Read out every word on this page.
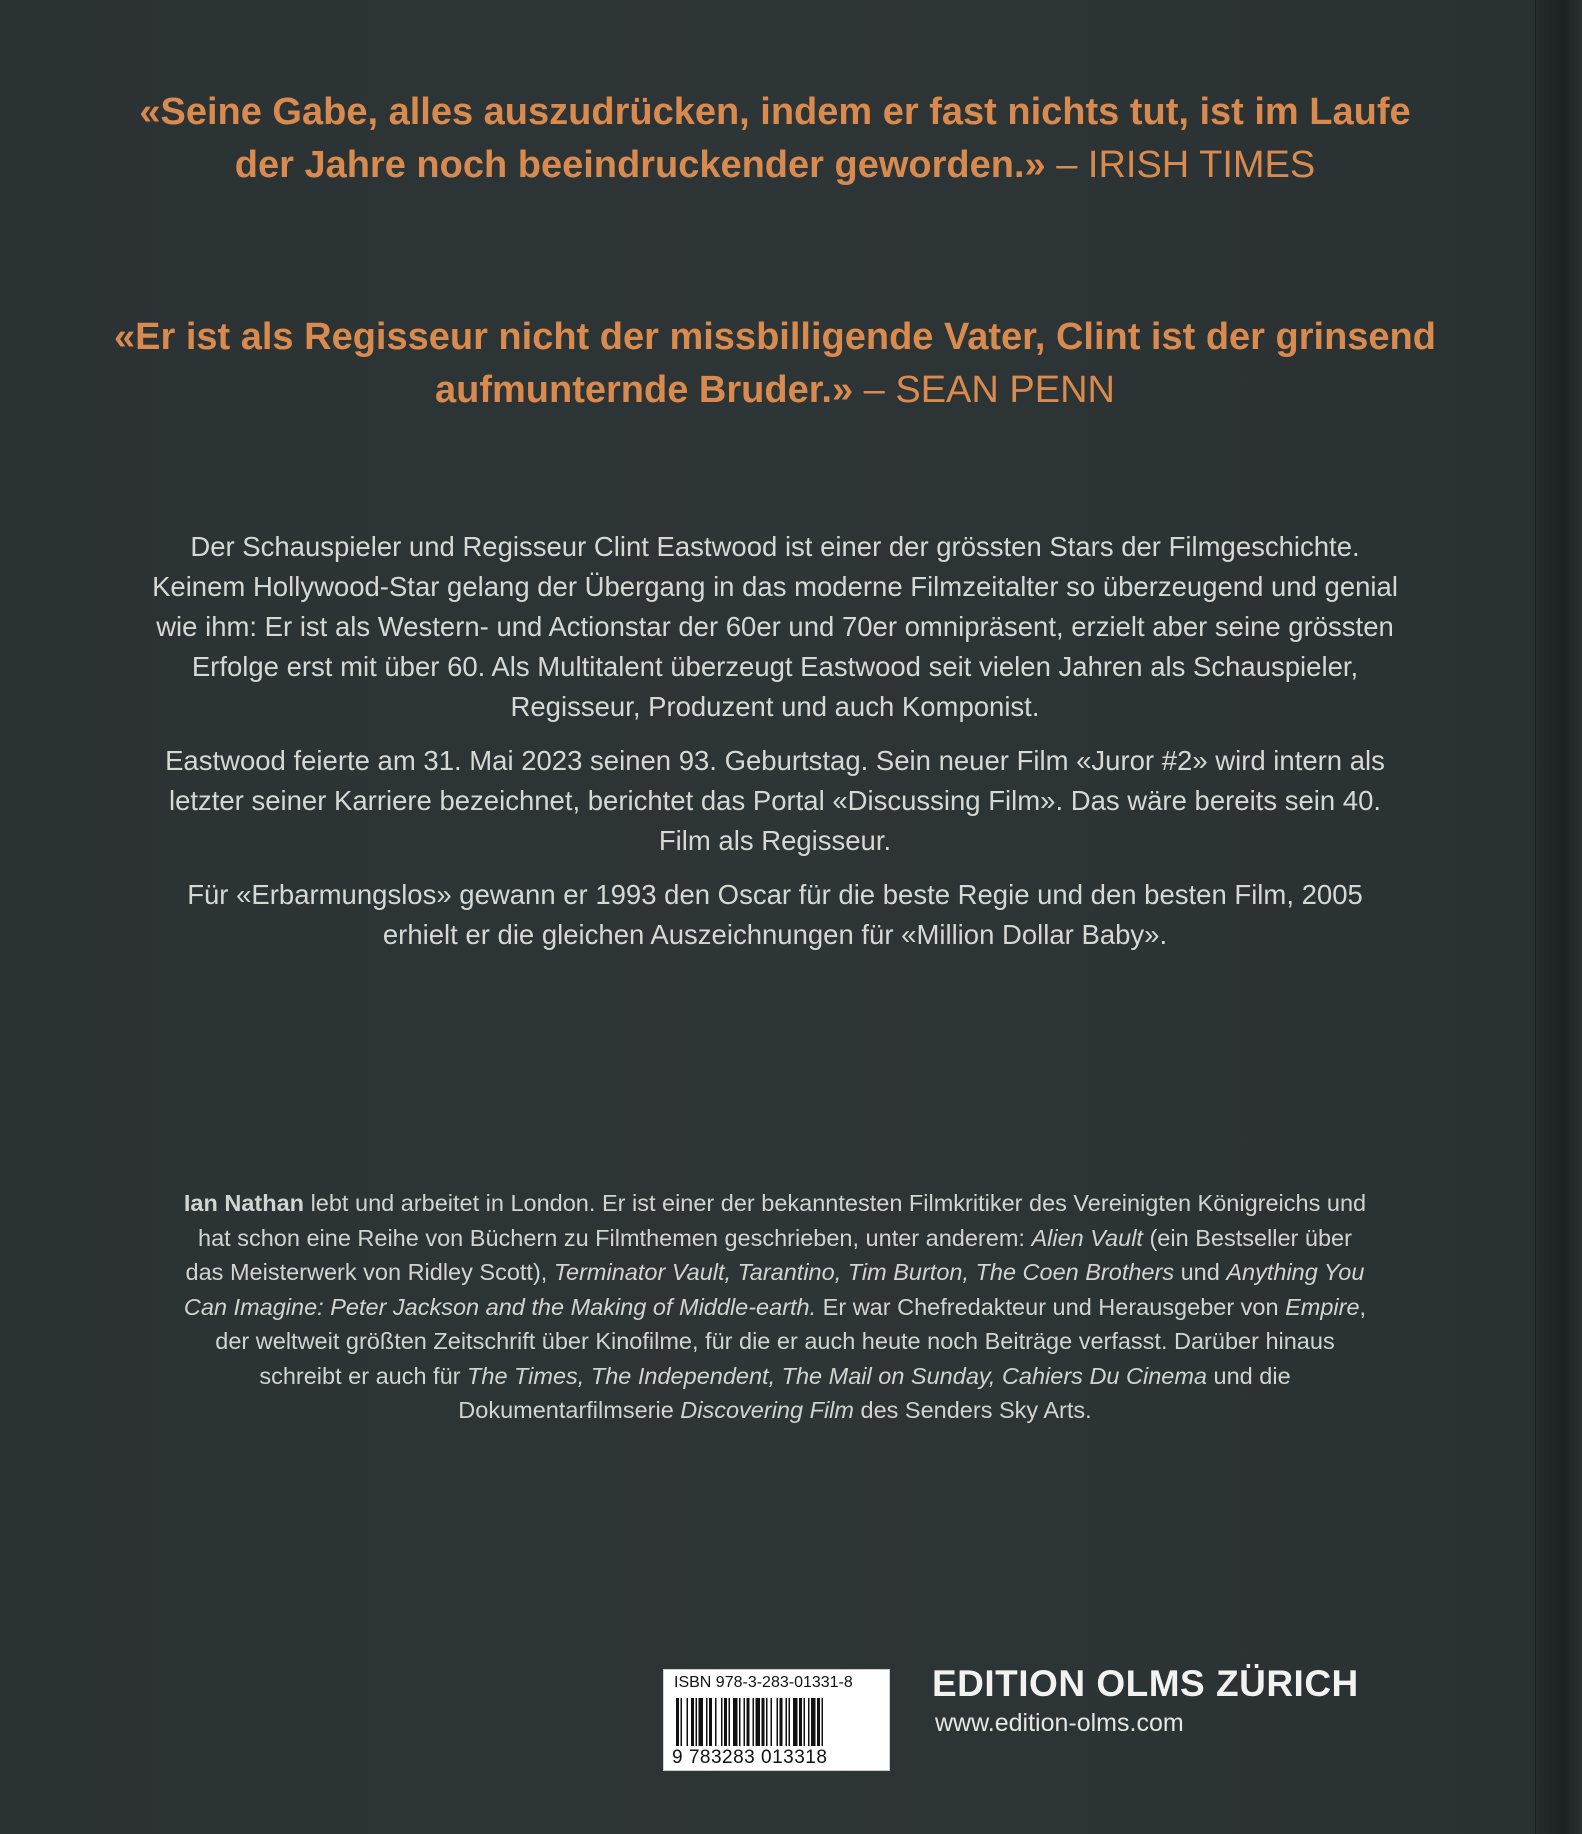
«Seine Gabe, alles auszudrücken, indem er fast nichts tut, ist im Laufe der Jahre noch beeindruckender geworden.» – IRISH TIMES
«Er ist als Regisseur nicht der missbilligende Vater, Clint ist der grinsend aufmunternde Bruder.» – SEAN PENN

Der Schauspieler und Regisseur Clint Eastwood ist einer der grössten Stars der Filmgeschichte. Keinem Hollywood-Star gelang der Übergang in das moderne Filmzeitalter so überzeugend und genial wie ihm: Er ist als Western- und Actionstar der 60er und 70er omnipräsent, erzielt aber seine grössten Erfolge erst mit über 60. Als Multitalent überzeugt Eastwood seit vielen Jahren als Schauspieler, Regisseur, Produzent und auch Komponist.

Eastwood feierte am 31. Mai 2023 seinen 93. Geburtstag. Sein neuer Film «Juror #2» wird intern als letzter seiner Karriere bezeichnet, berichtet das Portal «Discussing Film». Das wäre bereits sein 40. Film als Regisseur.

Für «Erbarmungslos» gewann er 1993 den Oscar für die beste Regie und den besten Film, 2005 erhielt er die gleichen Auszeichnungen für «Million Dollar Baby».

Ian Nathan lebt und arbeitet in London. Er ist einer der bekanntesten Filmkritiker des Vereinigten Königreichs und hat schon eine Reihe von Büchern zu Filmthemen geschrieben, unter anderem: Alien Vault (ein Bestseller über das Meisterwerk von Ridley Scott), Terminator Vault, Tarantino, Tim Burton, The Coen Brothers und Anything You Can Imagine: Peter Jackson and the Making of Middle-earth. Er war Chefredakteur und Herausgeber von Empire, der weltweit größten Zeitschrift über Kinofilme, für die er auch heute noch Beiträge verfasst. Darüber hinaus schreibt er auch für The Times, The Independent, The Mail on Sunday, Cahiers Du Cinema und die Dokumentarfilmserie Discovering Film des Senders Sky Arts.
ISBN 978-3-283-01331-8
9 783283 013318
EDITION OLMS ZÜRICH
www.edition-olms.com
